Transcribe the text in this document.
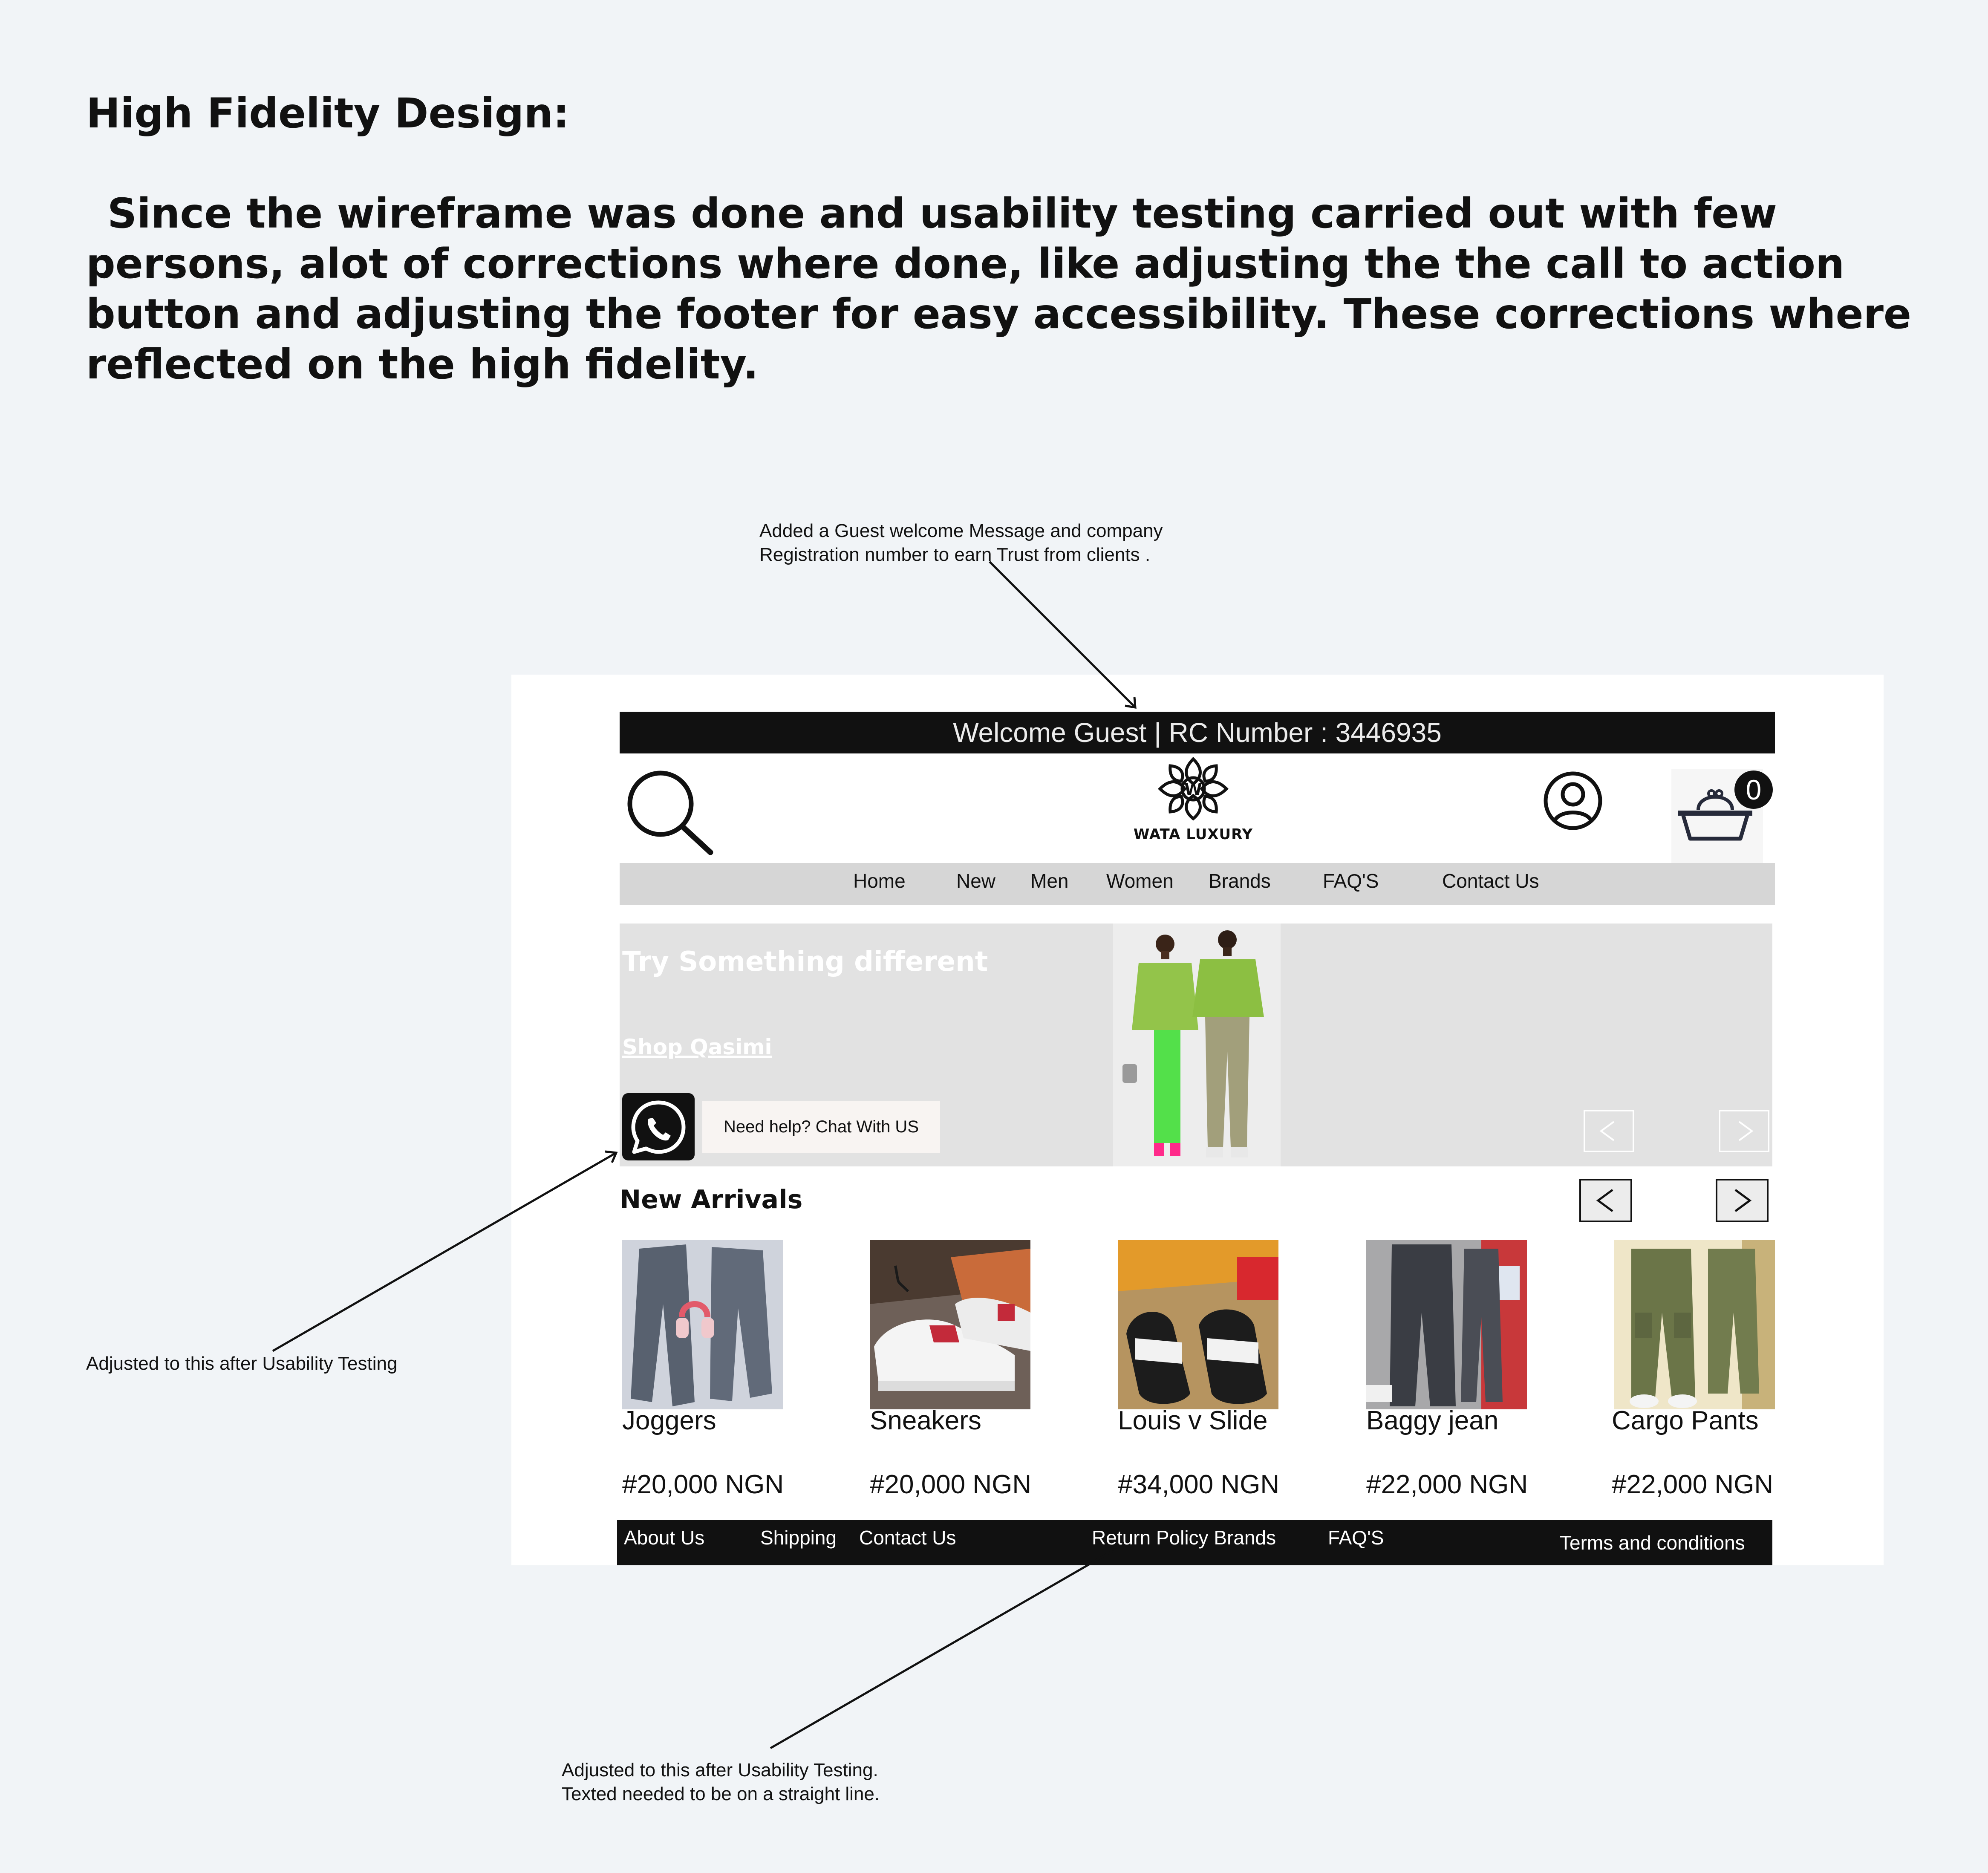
High Fidelity Design:
Since the wireframe was done and usability testing carried out with few persons, alot of corrections where done, like adjusting the the call to action button and adjusting the footer for easy accessibility. These corrections where reflected on the high fidelity.
Added a Guest welcome Message and company
Registration number to earn Trust from clients .
Adjusted to this after Usability Testing
Adjusted to this after Usability Testing.
Texted needed to be on a straight line.
Welcome Guest | RC Number : 3446935
W
WATA LUXURY
0
Home	New Men Women Brands	FAQ'S	Contact Us
Try Something different
Shop Qasimi
Need help? Chat With US
New Arrivals
Joggers
#20,000 NGN
Sneakers
#20,000 NGN
Louis v Slide
#34,000 NGN
Baggy jean
#22,000 NGN
Cargo Pants
#22,000 NGN
About Us	Shipping Contact Us	Return Policy Brands	FAQ'S	Terms and conditions
